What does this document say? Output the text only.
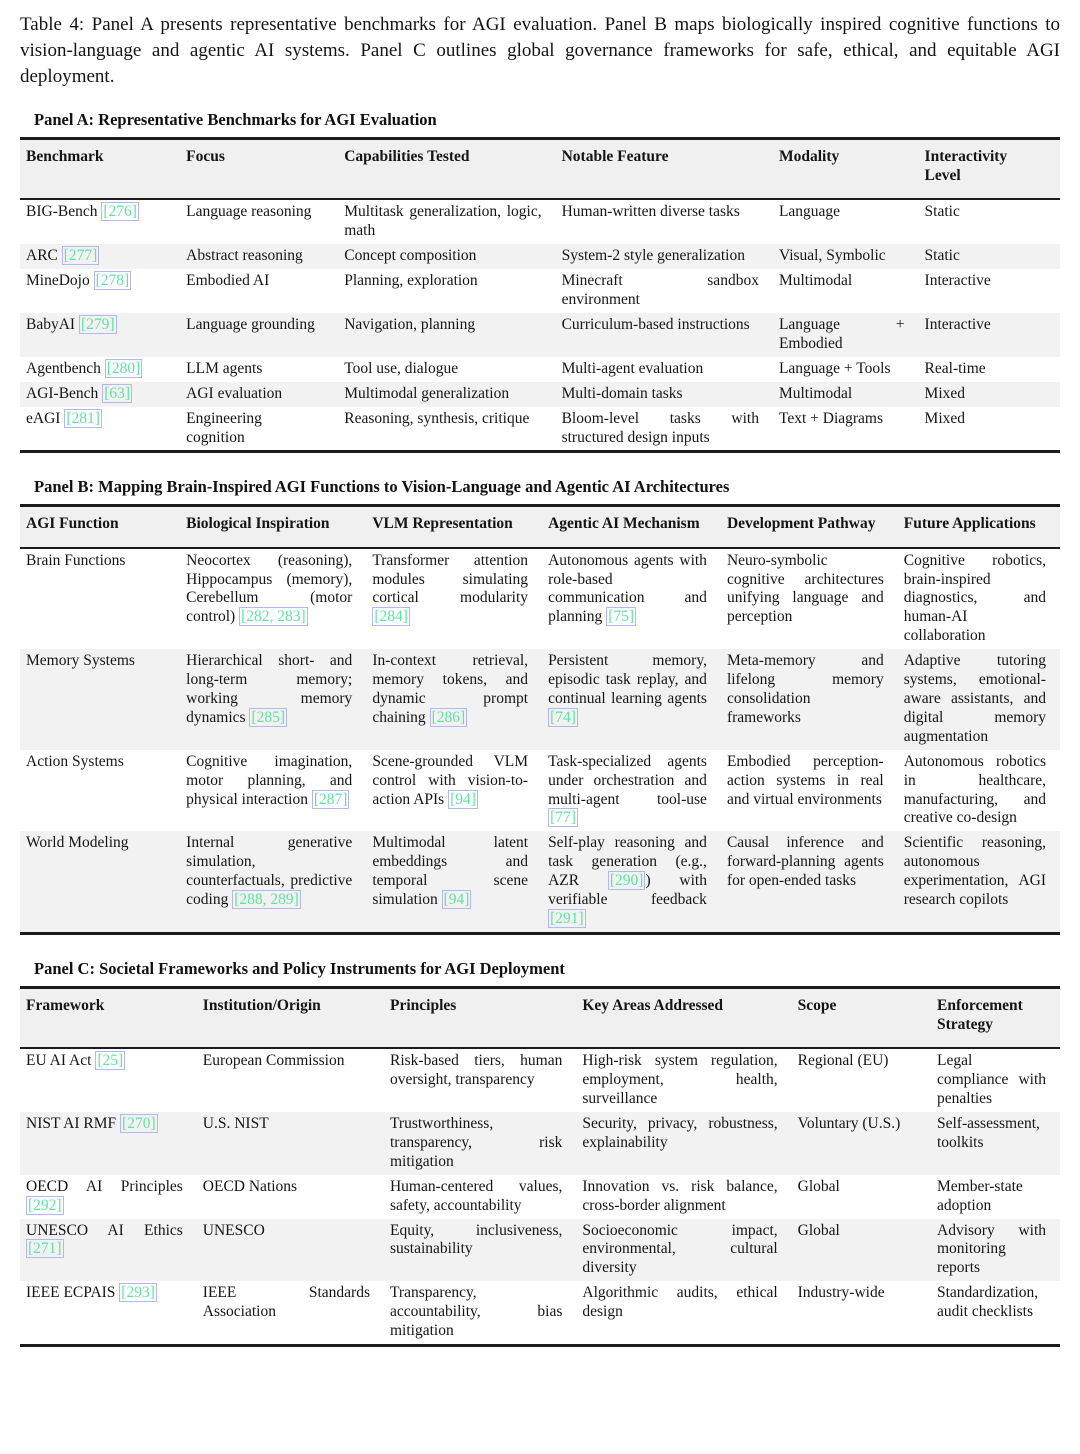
Table 4: Panel A presents representative benchmarks for AGI evaluation. Panel B maps biologically inspired cognitive functions to vision-language and agentic AI systems. Panel C outlines global governance frameworks for safe, ethical, and equitable AGI deployment.

Panel A: Representative Benchmarks for AGI Evaluation
Benchmark	Focus	Capabilities Tested	Notable Feature	Modality	Interactivity Level
BIG-Bench [276]	Language reasoning	Multitask generalization, logic, math	Human-written diverse tasks	Language	Static
ARC [277]	Abstract reasoning	Concept composition	System-2 style generalization	Visual, Symbolic	Static
MineDojo [278]	Embodied AI	Planning, exploration	Minecraft sandbox environment	Multimodal	Interactive
BabyAI [279]	Language grounding	Navigation, planning	Curriculum-based instructions	Language + Embodied	Interactive
Agentbench [280]	LLM agents	Tool use, dialogue	Multi-agent evaluation	Language + Tools	Real-time
AGI-Bench [63]	AGI evaluation	Multimodal generalization	Multi-domain tasks	Multimodal	Mixed
eAGI [281]	Engineering cognition	Reasoning, synthesis, critique	Bloom-level tasks with structured design inputs	Text + Diagrams	Mixed
Panel B: Mapping Brain-Inspired AGI Functions to Vision-Language and Agentic AI Architectures
AGI Function	Biological Inspiration	VLM Representation	Agentic AI Mechanism	Development Pathway	Future Applications
Brain Functions	Neocortex (reasoning), Hippocampus (memory), Cerebellum (motor control) [282, 283]	Transformer attention modules simulating cortical modularity [284]	Autonomous agents with role-based communication and planning [75]	Neuro-symbolic cognitive architectures unifying language and perception	Cognitive robotics, brain-inspired diagnostics, and human-AI collaboration
Memory Systems	Hierarchical short- and long-term memory; working memory dynamics [285]	In-context retrieval, memory tokens, and dynamic prompt chaining [286]	Persistent memory, episodic task replay, and continual learning agents [74]	Meta-memory and lifelong memory consolidation frameworks	Adaptive tutoring systems, emotional-aware assistants, and digital memory augmentation
Action Systems	Cognitive imagination, motor planning, and physical interaction [287]	Scene-grounded VLM control with vision-to-action APIs [94]	Task-specialized agents under orchestration and multi-agent tool-use [77]	Embodied perception-action systems in real and virtual environments	Autonomous robotics in healthcare, manufacturing, and creative co-design
World Modeling	Internal generative simulation, counterfactuals, predictive coding [288, 289]	Multimodal latent embeddings and temporal scene simulation [94]	Self-play reasoning and task generation (e.g., AZR [290] ) with verifiable feedback [291]	Causal inference and forward-planning agents for open-ended tasks	Scientific reasoning, autonomous experimentation, AGI research copilots
Panel C: Societal Frameworks and Policy Instruments for AGI Deployment
Framework	Institution/Origin	Principles	Key Areas Addressed	Scope	Enforcement Strategy
EU AI Act [25]	European Commission	Risk-based tiers, human oversight, transparency	High-risk system regulation, employment, health, surveillance	Regional (EU)	Legal compliance with penalties
NIST AI RMF [270]	U.S. NIST	Trustworthiness, transparency, risk mitigation	Security, privacy, robustness, explainability	Voluntary (U.S.)	Self-assessment, toolkits
OECD AI Principles [292]	OECD Nations	Human-centered values, safety, accountability	Innovation vs. risk balance, cross-border alignment	Global	Member-state adoption
UNESCO AI Ethics [271]	UNESCO	Equity, inclusiveness, sustainability	Socioeconomic impact, environmental, cultural diversity	Global	Advisory with monitoring reports
IEEE ECPAIS [293]	IEEE Standards Association	Transparency, accountability, bias mitigation	Algorithmic audits, ethical design	Industry-wide	Standardization, audit checklists
